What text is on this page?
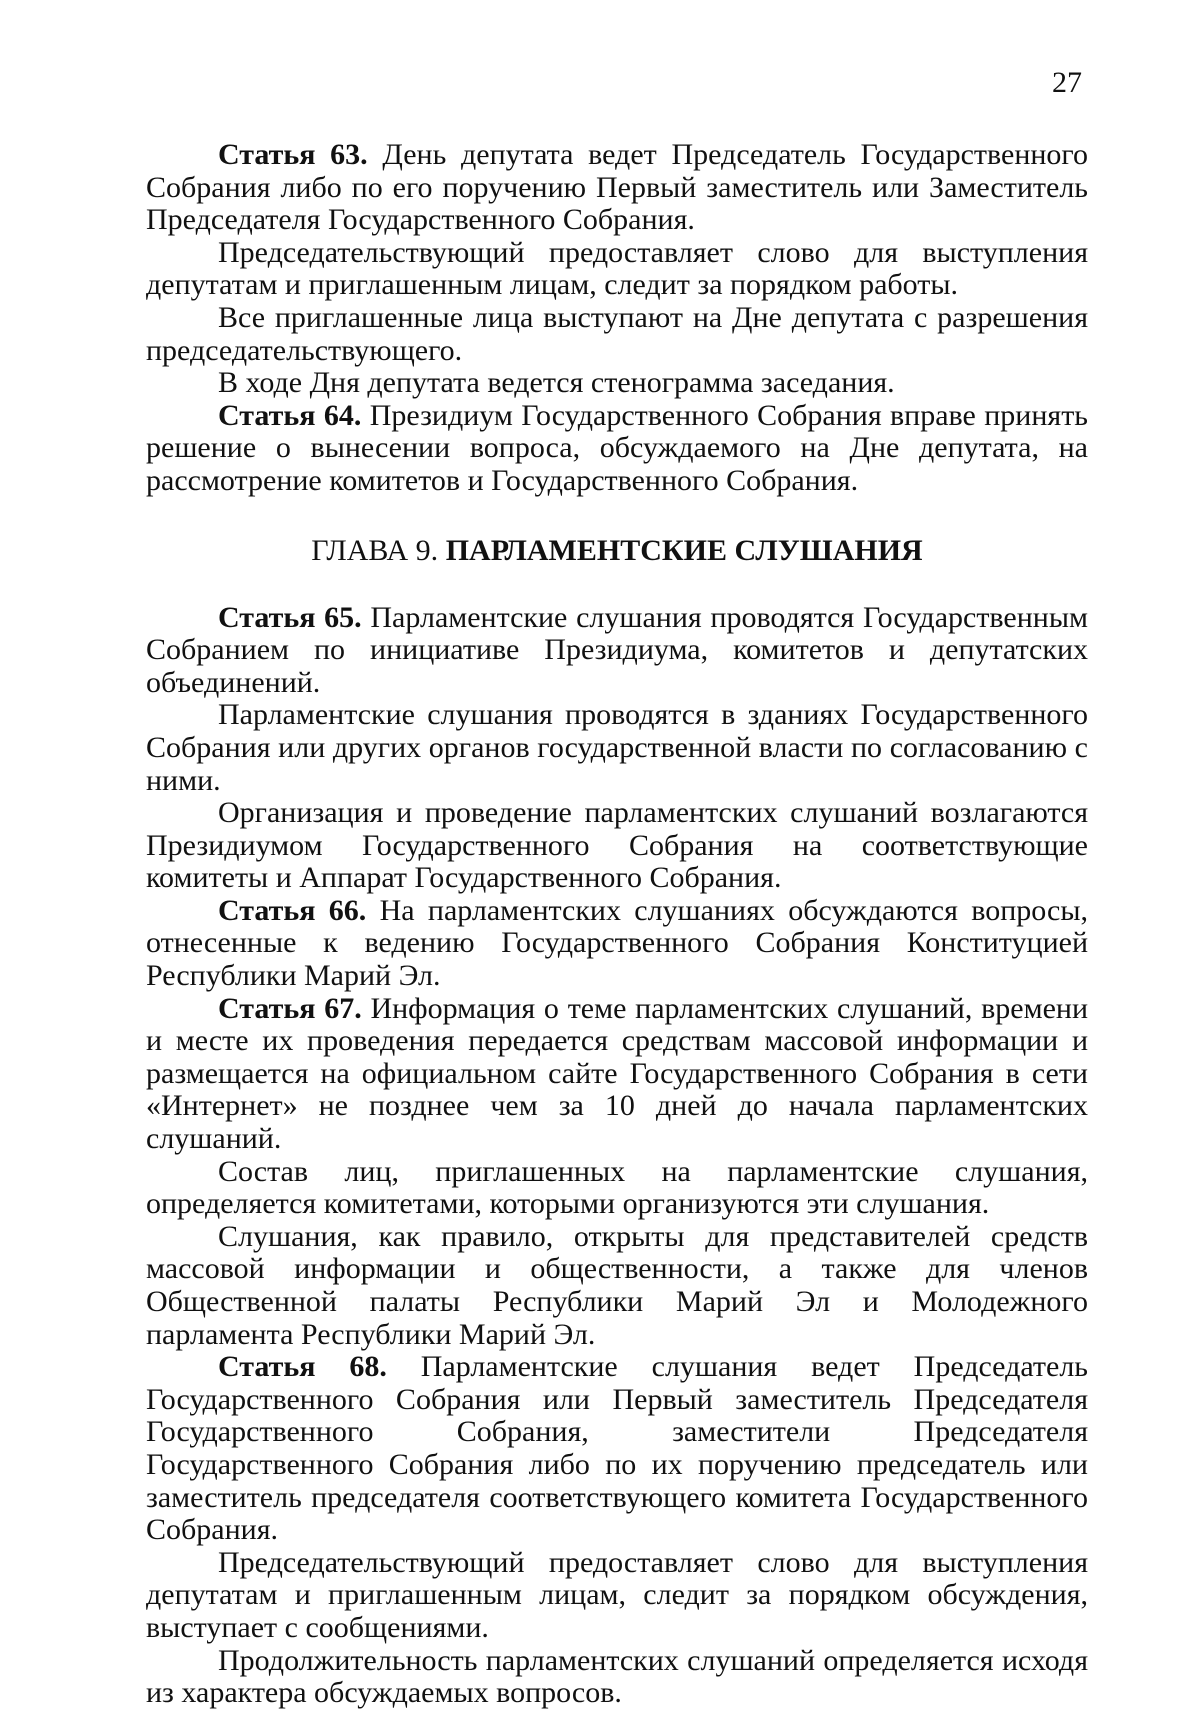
27

Статья 63. День депутата ведет Председатель Государственного Собрания либо по его поручению Первый заместитель или Заместитель Председателя Государственного Собрания.

Председательствующий предоставляет слово для выступления депутатам и приглашенным лицам, следит за порядком работы.

Все приглашенные лица выступают на Дне депутата с разрешения председательствующего.

В ходе Дня депутата ведется стенограмма заседания.

Статья 64. Президиум Государственного Собрания вправе принять решение о вынесении вопроса, обсуждаемого на Дне депутата, на рассмотрение комитетов и Государственного Собрания.

ГЛАВА 9. ПАРЛАМЕНТСКИЕ СЛУШАНИЯ

Статья 65. Парламентские слушания проводятся Государственным Собранием по инициативе Президиума, комитетов и депутатских объединений.

Парламентские слушания проводятся в зданиях Государственного Собрания или других органов государственной власти по согласованию с ними.

Организация и проведение парламентских слушаний возлагаются Президиумом Государственного Собрания на соответствующие комитеты и Аппарат Государственного Собрания.

Статья 66. На парламентских слушаниях обсуждаются вопросы, отнесенные к ведению Государственного Собрания Конституцией Республики Марий Эл.

Статья 67. Информация о теме парламентских слушаний, времени и месте их проведения передается средствам массовой информации и размещается на официальном сайте Государственного Собрания в сети «Интернет» не позднее чем за 10 дней до начала парламентских слушаний.

Состав лиц, приглашенных на парламентские слушания, определяется комитетами, которыми организуются эти слушания.

Слушания, как правило, открыты для представителей средств массовой информации и общественности, а также для членов Общественной палаты Республики Марий Эл и Молодежного парламента Республики Марий Эл.

Статья 68. Парламентские слушания ведет Председатель Государственного Собрания или Первый заместитель Председателя Государственного Собрания, заместители Председателя Государственного Собрания либо по их поручению председатель или заместитель председателя соответствующего комитета Государственного Собрания.

Председательствующий предоставляет слово для выступления депутатам и приглашенным лицам, следит за порядком обсуждения, выступает с сообщениями.

Продолжительность парламентских слушаний определяется исходя из характера обсуждаемых вопросов.
